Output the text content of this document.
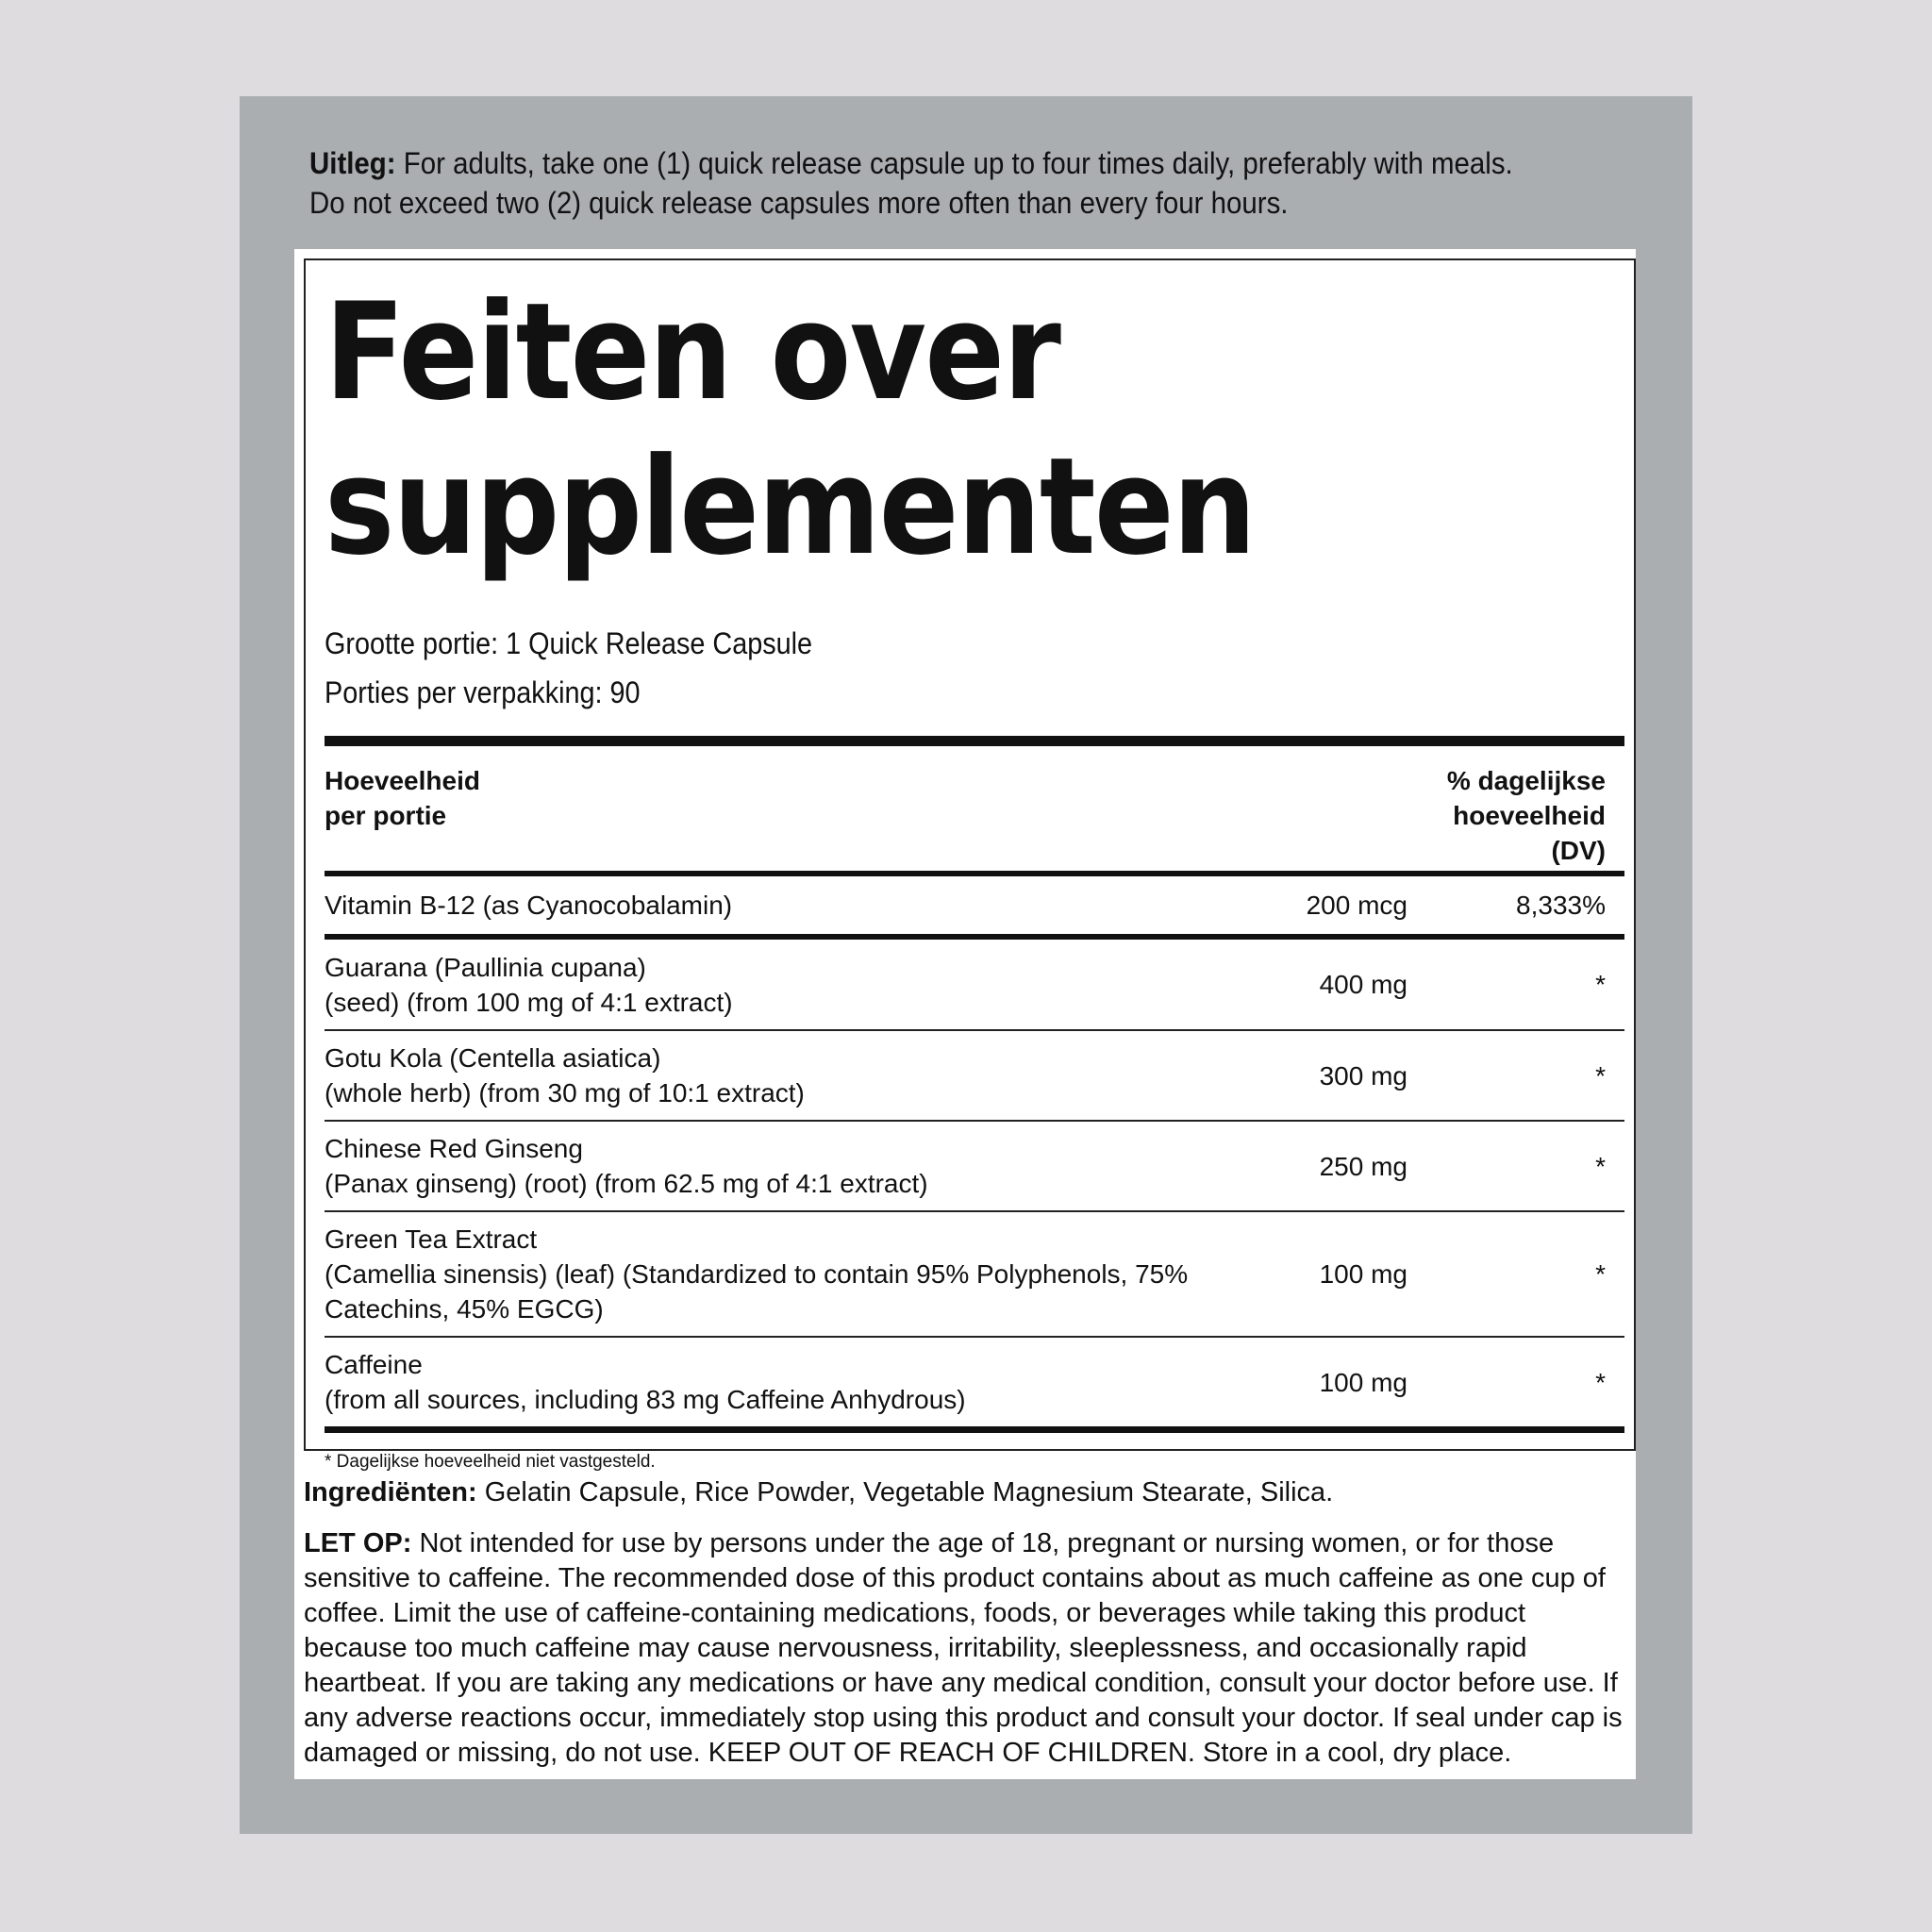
Uitleg: For adults, take one (1) quick release capsule up to four times daily, preferably with meals. Do not exceed two (2) quick release capsules more often than every four hours.
Feiten over
supplementen
Grootte portie: 1 Quick Release Capsule
Porties per verpakking: 90
Hoeveelheid
per portie
% dagelijkse
hoeveelheid
(DV)
Vitamin B-12 (as Cyanocobalamin)	200 mcg	8,333%
Guarana (Paullinia cupana)
(seed) (from 100 mg of 4:1 extract)
400 mg	*
Gotu Kola (Centella asiatica)
(whole herb) (from 30 mg of 10:1 extract)
300 mg	*
Chinese Red Ginseng
(Panax ginseng) (root) (from 62.5 mg of 4:1 extract)
250 mg	*
Green Tea Extract
(Camellia sinensis) (leaf) (Standardized to contain 95% Polyphenols, 75%
Catechins, 45% EGCG)
100 mg	*
Caffeine
(from all sources, including 83 mg Caffeine Anhydrous)
100 mg	*
* Dagelijkse hoeveelheid niet vastgesteld.
Ingrediënten: Gelatin Capsule, Rice Powder, Vegetable Magnesium Stearate, Silica.
LET OP: Not intended for use by persons under the age of 18, pregnant or nursing women, or for those sensitive to caffeine. The recommended dose of this product contains about as much caffeine as one cup of coffee. Limit the use of caffeine-containing medications, foods, or beverages while taking this product because too much caffeine may cause nervousness, irritability, sleeplessness, and occasionally rapid heartbeat. If you are taking any medications or have any medical condition, consult your doctor before use. If any adverse reactions occur, immediately stop using this product and consult your doctor. If seal under cap is damaged or missing, do not use. KEEP OUT OF REACH OF CHILDREN. Store in a cool, dry place.
